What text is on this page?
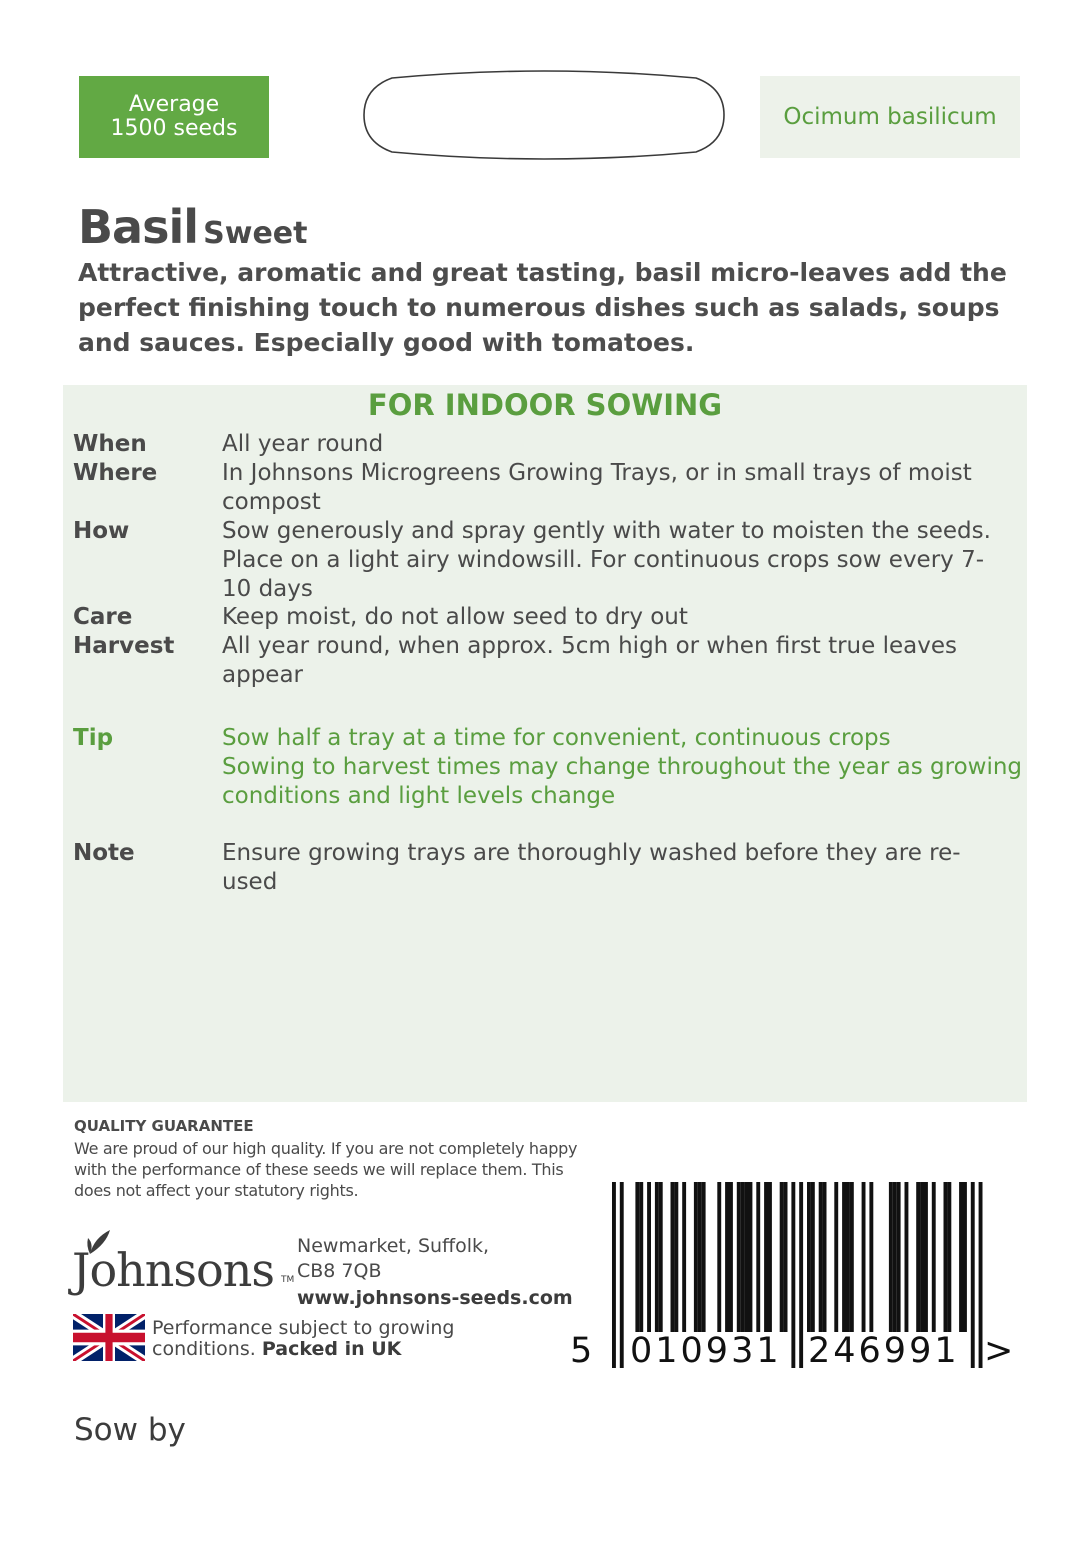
Average
1500 seeds	Ocimum basilicum
Basil Sweet
Attractive, aromatic and great tasting, basil micro-leaves add the perfect finishing touch to numerous dishes such as salads, soups and sauces. Especially good with tomatoes.
FOR INDOOR SOWING
When	All year round
Where	In Johnsons Microgreens Growing Trays, or in small trays of moist compost
How	Sow generously and spray gently with water to moisten the seeds. Place on a light airy windowsill. For continuous crops sow every 7-10 days
Care	Keep moist, do not allow seed to dry out
Harvest All year round, when approx. 5cm high or when first true leaves appear
Tip	Sow half a tray at a time for convenient, continuous crops
Sowing to harvest times may change throughout the year as growing conditions and light levels change
Note	Ensure growing trays are thoroughly washed before they are re-used
QUALITY GUARANTEE
We are proud of our high quality. If you are not completely happy with the performance of these seeds we will replace them. This does not affect your statutory rights.
Johnsons TM
Newmarket, Suffolk,
CB8 7QB
www.johnsons-seeds.com
Performance subject to growing conditions. Packed in UK	5 010931 246991 >
Sow by
